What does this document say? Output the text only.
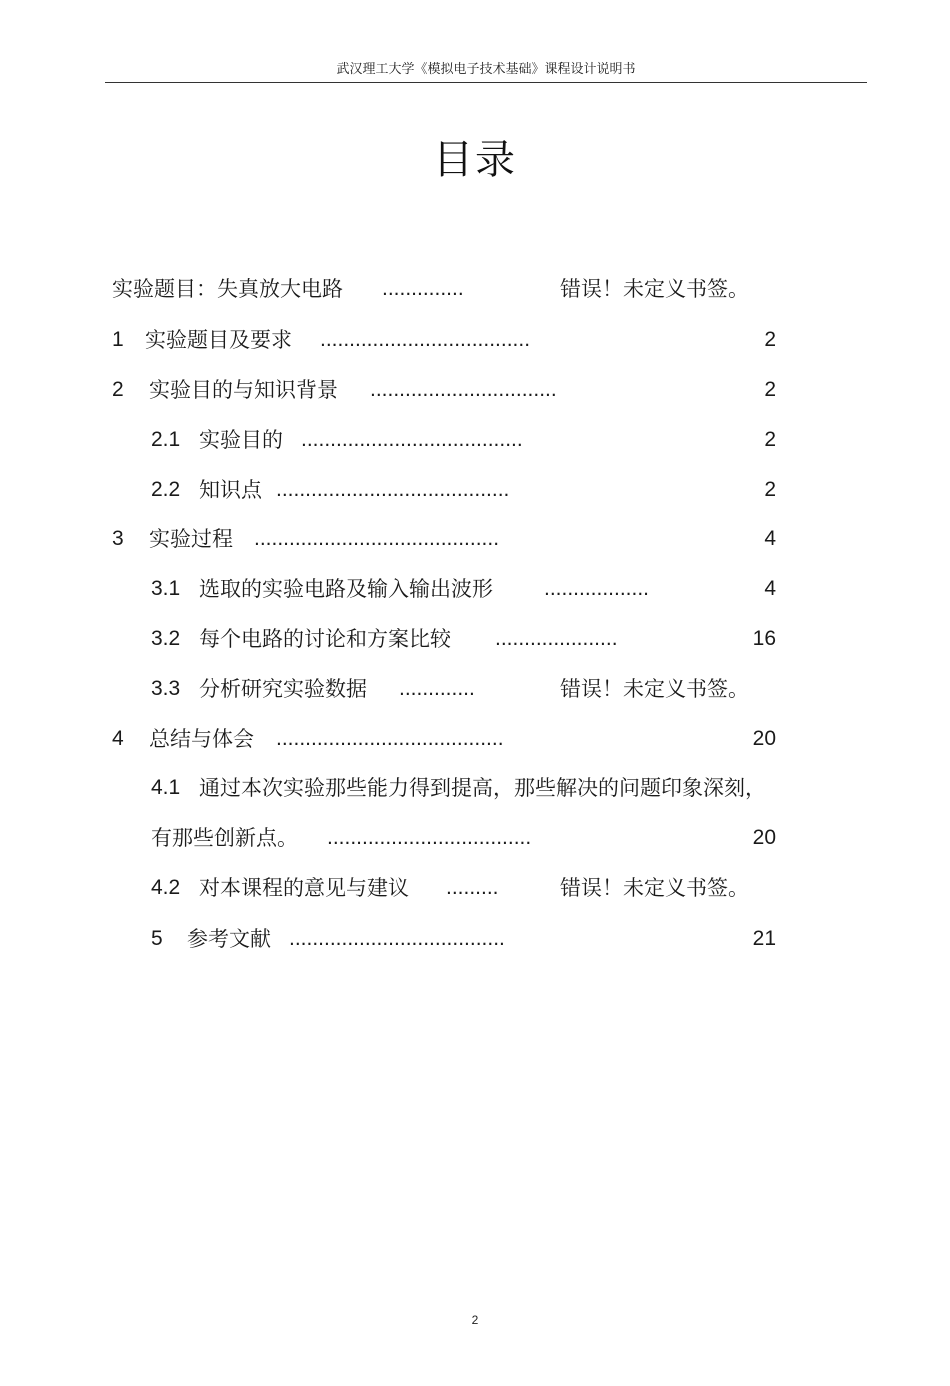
武汉理工大学《模拟电子技术基础》课程设计说明书
目录
实验题目：失真放大电路 ..............	错误！未定义书签。
1 实验题目及要求 ....................................	2
2 实验目的与知识背景 ................................	2
2.1 实验目的 ......................................	2
2.2 知识点 ........................................	2
3 实验过程 ..........................................	4
3.1 选取的实验电路及输入输出波形 ..................	4
3.2 每个电路的讨论和方案比较 .....................	16
3.3 分析研究实验数据 .............	错误！未定义书签。
4 总结与体会 .......................................	20
4.1 通过本次实验那些能力得到提高，那些解决的问题印象深刻，
有那些创新点。 ...................................	20
4.2 对本课程的意见与建议 .........	错误！未定义书签。
5 参考文献 .....................................	21
2
